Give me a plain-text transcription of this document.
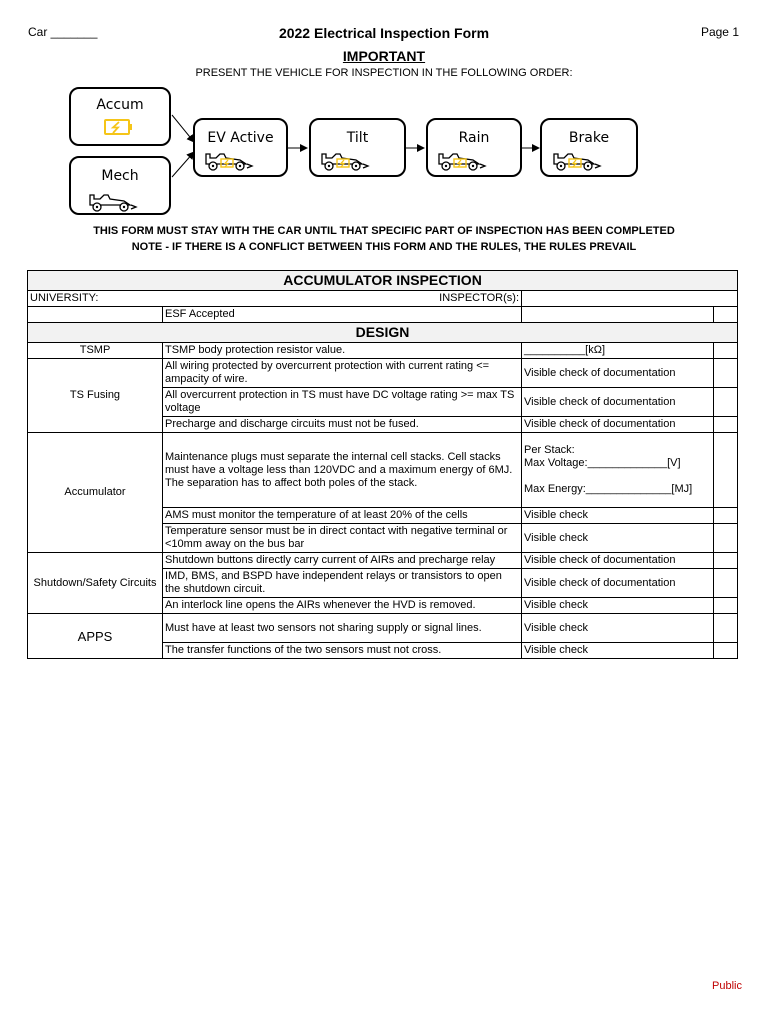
Car _______	2022 Electrical Inspection Form	Page 1
IMPORTANT
PRESENT THE VEHICLE FOR INSPECTION IN THE FOLLOWING ORDER:
Accum
Mech
EV Active	Tilt	Rain	Brake
THIS FORM MUST STAY WITH THE CAR UNTIL THAT SPECIFIC PART OF INSPECTION HAS BEEN COMPLETED
NOTE - IF THERE IS A CONFLICT BETWEEN THIS FORM AND THE RULES, THE RULES PREVAIL
ACCUMULATOR INSPECTION			
UNIVERSITY: INSPECTOR(s):			

	ESF Accepted		
DESIGN			
TSMP	TSMP body protection resistor value.	__________[kΩ]	
TS Fusing	All wiring protected by overcurrent protection with current rating <= ampacity of wire.	Visible check of documentation	
	All overcurrent protection in TS must have DC voltage rating >= max TS voltage	Visible check of documentation	
	Precharge and discharge circuits must not be fused.	Visible check of documentation	
Accumulator	Maintenance plugs must separate the internal cell stacks. Cell stacks must have a voltage less than 120VDC and a maximum energy of 6MJ. The separation has to affect both poles of the stack.	Per Stack:
Max Voltage:_____________[V]
Max Energy:______________[MJ]	

	AMS must monitor the temperature of at least 20% of the cells	Visible check	
	Temperature sensor must be in direct contact with negative terminal or <10mm away on the bus bar	Visible check	
Shutdown/Safety Circuits	Shutdown buttons directly carry current of AIRs and precharge relay	Visible check of documentation	
	IMD, BMS, and BSPD have independent relays or transistors to open the shutdown circuit.	Visible check of documentation	
	An interlock line opens the AIRs whenever the HVD is removed.	Visible check	
APPS	Must have at least two sensors not sharing supply or signal lines.	Visible check	
	The transfer functions of the two sensors must not cross.	Visible check	
Public
